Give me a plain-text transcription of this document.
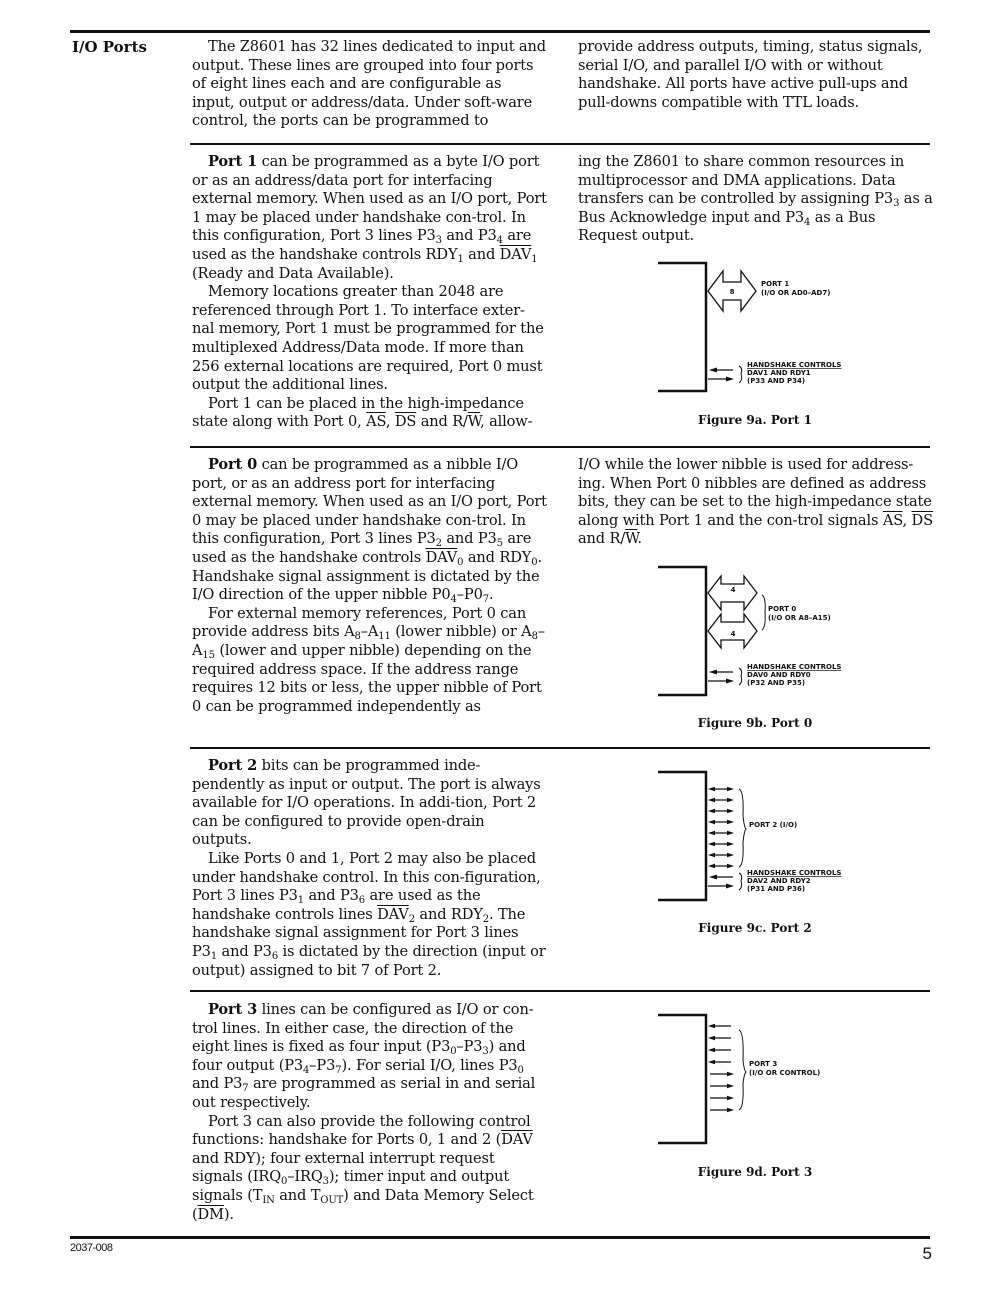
I/O Ports	The Z8601 has 32 lines dedicated to input and output. These lines are grouped into four ports of eight lines each and are configurable as input, output or address/data. Under soft-ware control, the ports can be programmed to

provide address outputs, timing, status signals, serial I/O, and parallel I/O with or without handshake. All ports have active pull-ups and pull-downs compatible with TTL loads.

Port 1 can be programmed as a byte I/O port or as an address/data port for interfacing external memory. When used as an I/O port, Port 1 may be placed under handshake con-trol. In this configuration, Port 3 lines $P3_3$ and $P3_4$ are used as the handshake controls $RDY_1$ and $\overline{DAV}_1$ (Ready and Data Available).

Memory locations greater than 2048 are referenced through Port 1. To interface exter-nal memory, Port 1 must be programmed for the multiplexed Address/Data mode. If more than 256 external locations are required, Port 0 must output the additional lines.

Port 1 can be placed in the high-impedance state along with Port 0, $\overline{AS}$, $\overline{DS}$ and $R/\overline{W}$, allow-

ing the Z8601 to share common resources in multiprocessor and DMA applications. Data transfers can be controlled by assigning $P3_3$ as a Bus Acknowledge input and $P3_4$ as a Bus Request output.

8
PORT 1
(I/O OR AD0–AD7)
HANDSHAKE CONTROLS
DAV1 AND RDY1
(P33 AND P34)
Figure 9a. Port 1

Port 0 can be programmed as a nibble I/O port, or as an address port for interfacing external memory. When used as an I/O port, Port 0 may be placed under handshake con-trol. In this configuration, Port 3 lines $P3_2$ and $P3_5$ are used as the handshake controls $\overline{DAV}_0$ and $RDY_0$. Handshake signal assignment is dictated by the I/O direction of the upper nibble $P0_4-P0_7$.

For external memory references, Port 0 can provide address bits $A_8-A_{11}$ (lower nibble) or $A_8-A_{15}$ (lower and upper nibble) depending on the required address space. If the address range requires 12 bits or less, the upper nibble of Port 0 can be programmed independently as

I/O while the lower nibble is used for address-ing. When Port 0 nibbles are defined as address bits, they can be set to the high-impedance state along with Port 1 and the con-trol signals $\overline{AS}$, $\overline{DS}$ and $R/\overline{W}$.

4
4
PORT 0
(I/O OR A8–A15)
HANDSHAKE CONTROLS
DAV0 AND RDY0
(P32 AND P35)
Figure 9b. Port 0

Port 2 bits can be programmed inde-pendently as input or output. The port is always available for I/O operations. In addi-tion, Port 2 can be configured to provide open-drain outputs.

Like Ports 0 and 1, Port 2 may also be placed under handshake control. In this con-figuration, Port 3 lines $P3_1$ and $P3_6$ are used as the handshake controls lines $\overline{DAV}_2$ and $RDY_2$. The handshake signal assignment for Port 3 lines $P3_1$ and $P3_6$ is dictated by the direction (input or output) assigned to bit 7 of Port 2.

PORT 2 (I/O)
HANDSHAKE CONTROLS
DAV2 AND RDY2
(P31 AND P36)
Figure 9c. Port 2

Port 3 lines can be configured as I/O or con-trol lines. In either case, the direction of the eight lines is fixed as four input $(P3_0-P3_3)$ and four output $(P3_4-P3_7)$. For serial I/O, lines $P3_0$ and $P3_7$ are programmed as serial in and serial out respectively.

Port 3 can also provide the following control functions: handshake for Ports 0, 1 and 2 ($\overline{DAV}$ and RDY); four external interrupt request signals $(IRQ_0-IRQ_3)$; timer input and output signals ($T_{IN}$ and $T_{OUT}$) and Data Memory Select $(\overline{DM})$.

PORT 3
(I/O OR CONTROL)
Figure 9d. Port 3
2037-008	5
